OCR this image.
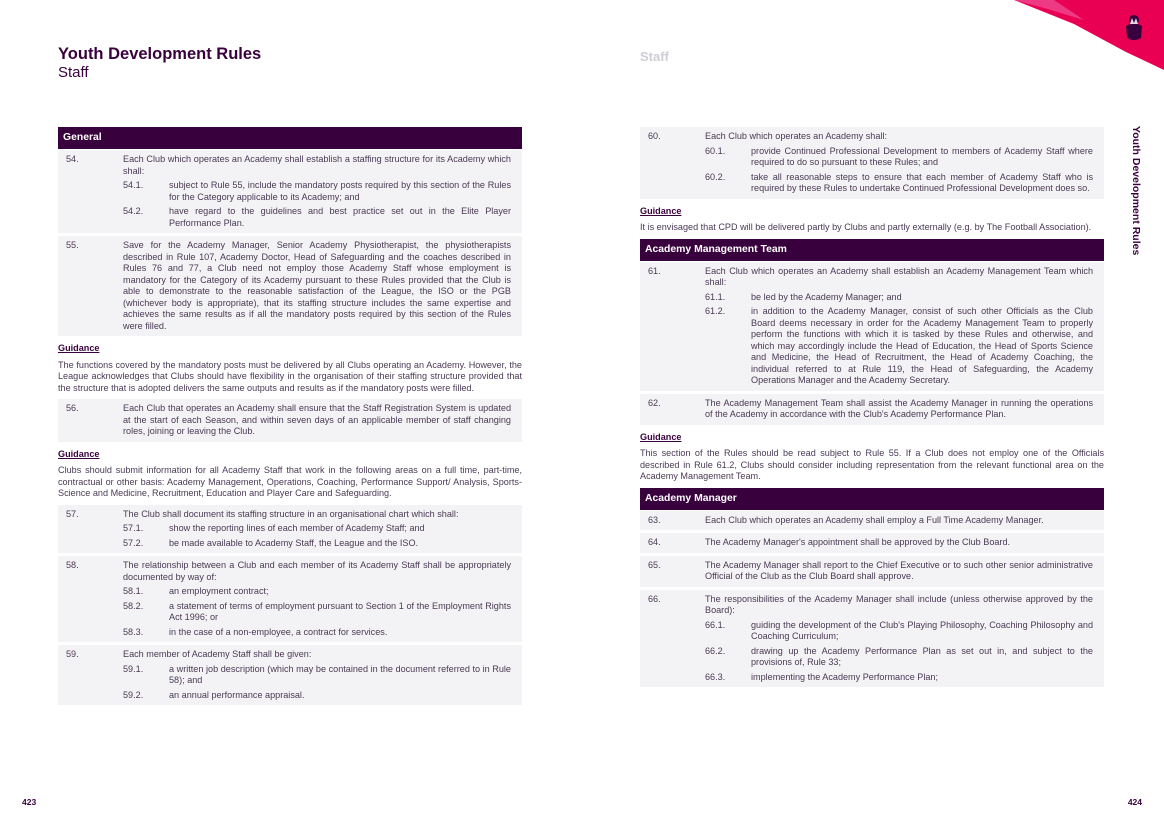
Youth Development Rules
Staff
Staff
Youth Development Rules
General
54.	Each Club which operates an Academy shall establish a staffing structure for its Academy which shall:
54.1.	subject to Rule 55, include the mandatory posts required by this section of the Rules for the Category applicable to its Academy; and
54.2.	have regard to the guidelines and best practice set out in the Elite Player Performance Plan.
55.	Save for the Academy Manager, Senior Academy Physiotherapist, the physiotherapists described in Rule 107, Academy Doctor, Head of Safeguarding and the coaches described in Rules 76 and 77, a Club need not employ those Academy Staff whose employment is mandatory for the Category of its Academy pursuant to these Rules provided that the Club is able to demonstrate to the reasonable satisfaction of the League, the ISO or the PGB (whichever body is appropriate), that its staffing structure includes the same expertise and achieves the same results as if all the mandatory posts required by this section of the Rules were filled.
Guidance
The functions covered by the mandatory posts must be delivered by all Clubs operating an Academy. However, the League acknowledges that Clubs should have flexibility in the organisation of their staffing structure provided that the structure that is adopted delivers the same outputs and results as if the mandatory posts were filled.
56.	Each Club that operates an Academy shall ensure that the Staff Registration System is updated at the start of each Season, and within seven days of an applicable member of staff changing roles, joining or leaving the Club.
Guidance
Clubs should submit information for all Academy Staff that work in the following areas on a full time, part-time, contractual or other basis: Academy Management, Operations, Coaching, Performance Support/ Analysis, Sports-Science and Medicine, Recruitment, Education and Player Care and Safeguarding.
57.	The Club shall document its staffing structure in an organisational chart which shall:
57.1.	show the reporting lines of each member of Academy Staff; and
57.2.	be made available to Academy Staff, the League and the ISO.
58.	The relationship between a Club and each member of its Academy Staff shall be appropriately documented by way of:
58.1.	an employment contract;
58.2.	a statement of terms of employment pursuant to Section 1 of the Employment Rights Act 1996; or
58.3.	in the case of a non-employee, a contract for services.
59.	Each member of Academy Staff shall be given:
59.1.	a written job description (which may be contained in the document referred to in Rule 58); and
59.2.	an annual performance appraisal.
60.	Each Club which operates an Academy shall:
60.1.	provide Continued Professional Development to members of Academy Staff where required to do so pursuant to these Rules; and
60.2.	take all reasonable steps to ensure that each member of Academy Staff who is required by these Rules to undertake Continued Professional Development does so.
Guidance
It is envisaged that CPD will be delivered partly by Clubs and partly externally (e.g. by The Football Association).
Academy Management Team
61.	Each Club which operates an Academy shall establish an Academy Management Team which shall:
61.1.	be led by the Academy Manager; and
61.2.	in addition to the Academy Manager, consist of such other Officials as the Club Board deems necessary in order for the Academy Management Team to properly perform the functions with which it is tasked by these Rules and otherwise, and which may accordingly include the Head of Education, the Head of Sports Science and Medicine, the Head of Recruitment, the Head of Academy Coaching, the individual referred to at Rule 119, the Head of Safeguarding, the Academy Operations Manager and the Academy Secretary.
62.	The Academy Management Team shall assist the Academy Manager in running the operations of the Academy in accordance with the Club's Academy Performance Plan.
Guidance
This section of the Rules should be read subject to Rule 55. If a Club does not employ one of the Officials described in Rule 61.2, Clubs should consider including representation from the relevant functional area on the Academy Management Team.
Academy Manager
63.	Each Club which operates an Academy shall employ a Full Time Academy Manager.
64.	The Academy Manager's appointment shall be approved by the Club Board.
65.	The Academy Manager shall report to the Chief Executive or to such other senior administrative Official of the Club as the Club Board shall approve.
66.	The responsibilities of the Academy Manager shall include (unless otherwise approved by the Board):
66.1.	guiding the development of the Club's Playing Philosophy, Coaching Philosophy and Coaching Curriculum;
66.2.	drawing up the Academy Performance Plan as set out in, and subject to the provisions of, Rule 33;
66.3.	implementing the Academy Performance Plan;
423	424
